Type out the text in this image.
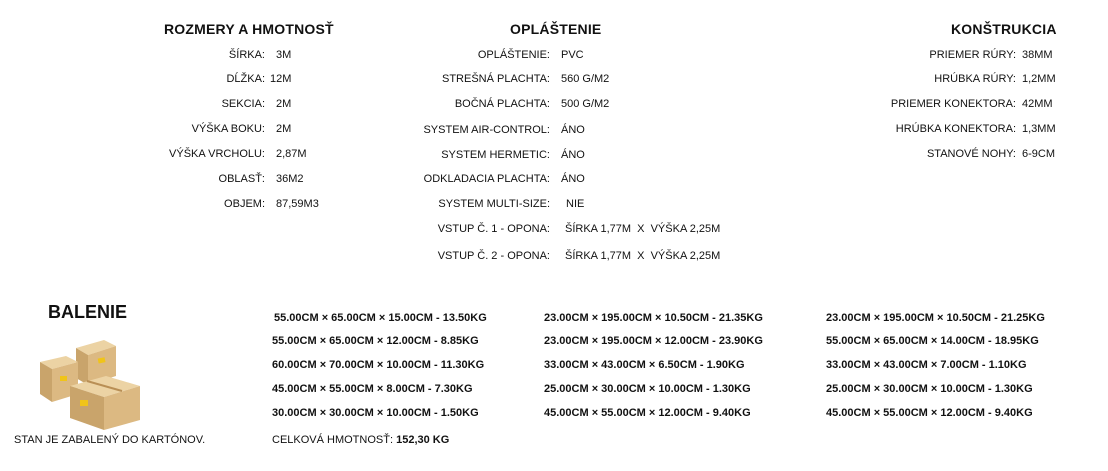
ROZMERY A HMOTNOSŤ
ŠÍRKA: 3M
DĹŽKA: 12M
SEKCIA: 2M
VÝŠKA BOKU: 2M
VÝŠKA VRCHOLU: 2,87M
OBLASŤ: 36M2
OBJEM: 87,59M3
OPLÁŠTENIE
OPLÁŠTENIE: PVC
STREŠNÁ PLACHTA: 560 G/M2
BOČNÁ PLACHTA: 500 G/M2
SYSTEM AIR-CONTROL: ÁNO
SYSTEM HERMETIC: ÁNO
ODKLADACIA PLACHTA: ÁNO
SYSTEM MULTI-SIZE: NIE
VSTUP Č. 1 - OPONA: ŠÍRKA 1,77M  X  VÝŠKA 2,25M
VSTUP Č. 2 - OPONA: ŠÍRKA 1,77M  X  VÝŠKA 2,25M
KONŠTRUKCIA
PRIEMER RÚRY: 38MM
HRÚBKA RÚRY: 1,2MM
PRIEMER KONEKTORA: 42MM
HRÚBKA KONEKTORA: 1,3MM
STANOVÉ NOHY: 6-9CM
BALENIE
STAN JE ZABALENÝ DO KARTÓNOV.
55.00CM × 65.00CM × 15.00CM - 13.50KG
55.00CM × 65.00CM × 12.00CM - 8.85KG
60.00CM × 70.00CM × 10.00CM - 11.30KG
45.00CM × 55.00CM × 8.00CM - 7.30KG
30.00CM × 30.00CM × 10.00CM - 1.50KG
23.00CM × 195.00CM × 10.50CM - 21.35KG
23.00CM × 195.00CM × 12.00CM - 23.90KG
33.00CM × 43.00CM × 6.50CM - 1.90KG
25.00CM × 30.00CM × 10.00CM - 1.30KG
45.00CM × 55.00CM × 12.00CM - 9.40KG
23.00CM × 195.00CM × 10.50CM - 21.25KG
55.00CM × 65.00CM × 14.00CM - 18.95KG
33.00CM × 43.00CM × 7.00CM - 1.10KG
25.00CM × 30.00CM × 10.00CM - 1.30KG
45.00CM × 55.00CM × 12.00CM - 9.40KG
CELKOVÁ HMOTNOSŤ: 152,30 KG
